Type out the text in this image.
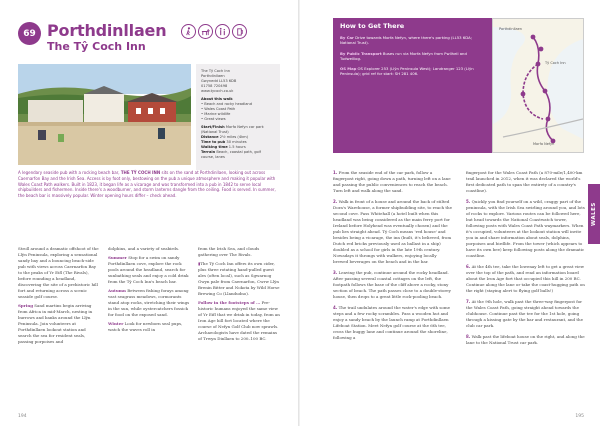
69 Porthdinllaen
The Tŷ Coch Inn
The Tŷ Coch Inn
Porthdinllaen
Gwynedd LL53 6DB
01758 720498
www.tycoch.co.uk
About this walk
• Beach and rocky headland
• Wales Coast Path
• Marine wildlife
• Great views
Start/Finish Morfa Nefyn car park (National Trust)
Distance 2½ miles (4km)
Time to pub 30 minutes
Walking time 1.5 hours
Terrain Beach, coastal path, golf course, lanes
A legendary seaside pub with a rocking beach bar, THE TŶ COCH INN sits on the sand at Porthdinllaen, looking out across Caernarfon Bay and the Irish Sea. Access is by foot only, bestowing on the pub a unique atmosphere and making it popular with Wales Coast Path walkers. Built in 1823, it began life as a vicarage and was transformed into a pub in 1842 to serve local shipbuilders and fishermen. Inside there's a woodburner, and storm lanterns dangle from the ceiling. Food is served. In summer, the beach bar is massively popular. Winter opening hours differ – check ahead.

Stroll around a dramatic offshoot of the Llŷn Peninsula, exploring a sensational sandy bay and a bouncing beach-side pub with views across Caernarfon Bay to the peaks of Yr Eifl (The Rivals), before rounding a headland, discovering the site of a prehistoric hill fort and returning across a scenic seaside golf course.

Spring Sand martins begin arriving from Africa in mid-March, nesting in burrows and banks around the Llŷn Peninsula. Join volunteers at Porthdinllaen lookout station and search the sea for resident seals, passing porpoises and

dolphins, and a variety of seabirds.

Summer Stop for a swim on sandy Porthdinllaen cove, explore the rock pools around the headland, search for sunbathing seals and enjoy a cold drink from the Tŷ Coch Inn's beach bar.

Autumn Between fishing forays among vast seagrass meadows, cormorants stand atop rocks, stretching their wings in the sun, while oystercatchers fossick for food on the exposed sand.

Winter Look for newborn seal pups, watch the waves roll in

from the Irish Sea, and clouds gathering over The Rivals.

▮The Tŷ Coch Inn offers its own cider, plus three rotating hand-pulled guest ales (often local), such as Sgwarnog Gwyn pale from Caernarfon, Cwrw Llŷn Brenin Bitter and Nokota by Wild Horse Brewing Co (Llandudno).

Follow in the footsteps of ... Pre-historic humans enjoyed the same view of Yr Eifl that we drink in today, from an Iron Age hill fort located where the course of Nefyn Golf Club now sprawls. Archaeologists have dated the remains of Trwyn Dinllaen to 200–100 BC.

194
How to Get There

By Car Drive towards Morfa Nefyn, where there's parking (LL53 6DA; National Trust).

By Public Transport Buses run via Morfa Nefyn from Pwllheli and Tudweiliog.

OS Map OS Explorer 253 (Llŷn Peninsula West); Landranger 123 (Llŷn Peninsula); grid ref for start: SH 281 406.

Porthdinllaen
Tŷ Coch Inn
Morfa Nefyn

1. From the seaside end of the car park, follow a fingerpost right, going down a path, turning left on a lane and passing the public conveniences to reach the beach. Turn left and walk along the sand.

2. Walk in front of a house and around the back of stilted Dora's Warehouse, a former shipbuilding site, to reach the second cove. Pass Whitehall (a hotel built when this headland was being considered as the main ferry port for Ireland before Holyhead was eventually chosen) and the pub lies straight ahead. Tŷ Coch means 'red house' and besides being a vicarage, the inn (built, it's believed, from Dutch red bricks previously used as ballast in a ship) doubled as a school for girls in the late 19th century. Nowadays it throngs with walkers, enjoying locally brewed beverages on the beach and in the bar.

3. Leaving the pub, continue around the rocky headland. After passing several coastal cottages on the left, the footpath follows the base of the cliff above a rocky, stony section of beach. The path passes close to a double-storey house, then drops to a great little rock-pooling beach.

4. The trail undulates around the water's edge with some steps and a few rocky scrambles. Pass a wooden hut and enjoy a sandy beach by the launch ramp at Porthdinllaen Lifeboat Station. Meet Nefyn golf course at the 6th tee, cross the buggy lane and continue around the shoreline, following a

fingerpost for the Wales Coast Path (a 870-mile/1,400-km trail launched in 2012, when it was declared the world's first dedicated path to span the entirety of a country's coastline).

5. Quickly you find yourself on a wild, craggy part of the peninsula, with the Irish Sea swirling around you, and lots of rocks to explore. Various routes can be followed here, but head towards the National Coastwatch tower, following posts with Wales Coast Path waymarkers. When it's occupied, volunteers at the lookout station will invite you in and share information about seals, dolphins, porpoises and birdlife. From the tower (which appears to have its own bee) keep following posts along the dramatic coastline.

6. At the 4th tee, take the lowenay left to get a great view over the top of the path, and read an information board about the Iron Age fort that occupied this hill in 200 BC. Continue along the lane or take the coast-hugging path on the right (staying alert to flying golf balls!)

7. At the 9th hole, walk past the three-way fingerpost for the Wales Coast Path, going straight ahead towards the clubhouse. Continue past the tee for the 1st hole, going through a kissing gate by the bar and restaurant, and the club car park.

8. Walk past the lifeboat house on the right, and along the lane to the National Trust car park.

WALES
195
